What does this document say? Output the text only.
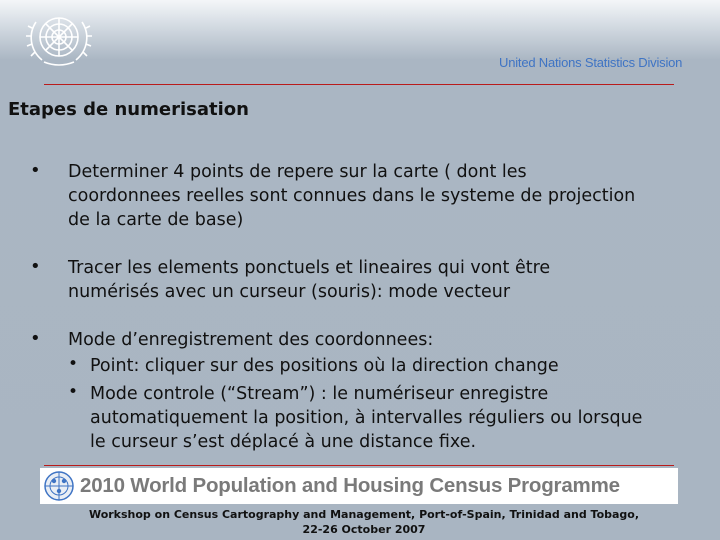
United Nations Statistics Division
Etapes de numerisation
• Determiner 4 points de repere sur la carte ( dont les coordonnees reelles sont connues dans le systeme de projection de la carte de base)
• Tracer les elements ponctuels et lineaires qui vont être numérisés avec un curseur (souris): mode vecteur
• Mode d’enregistrement des coordonnees:
• Point: cliquer sur des positions où la direction change
• Mode controle (“Stream”) : le numériseur enregistre automatiquement la position, à intervalles réguliers ou lorsque le curseur s’est déplacé à une distance fixe.
2010 World Population and Housing Census Programme
Workshop on Census Cartography and Management, Port-of-Spain, Trinidad and Tobago,
22-26 October 2007
